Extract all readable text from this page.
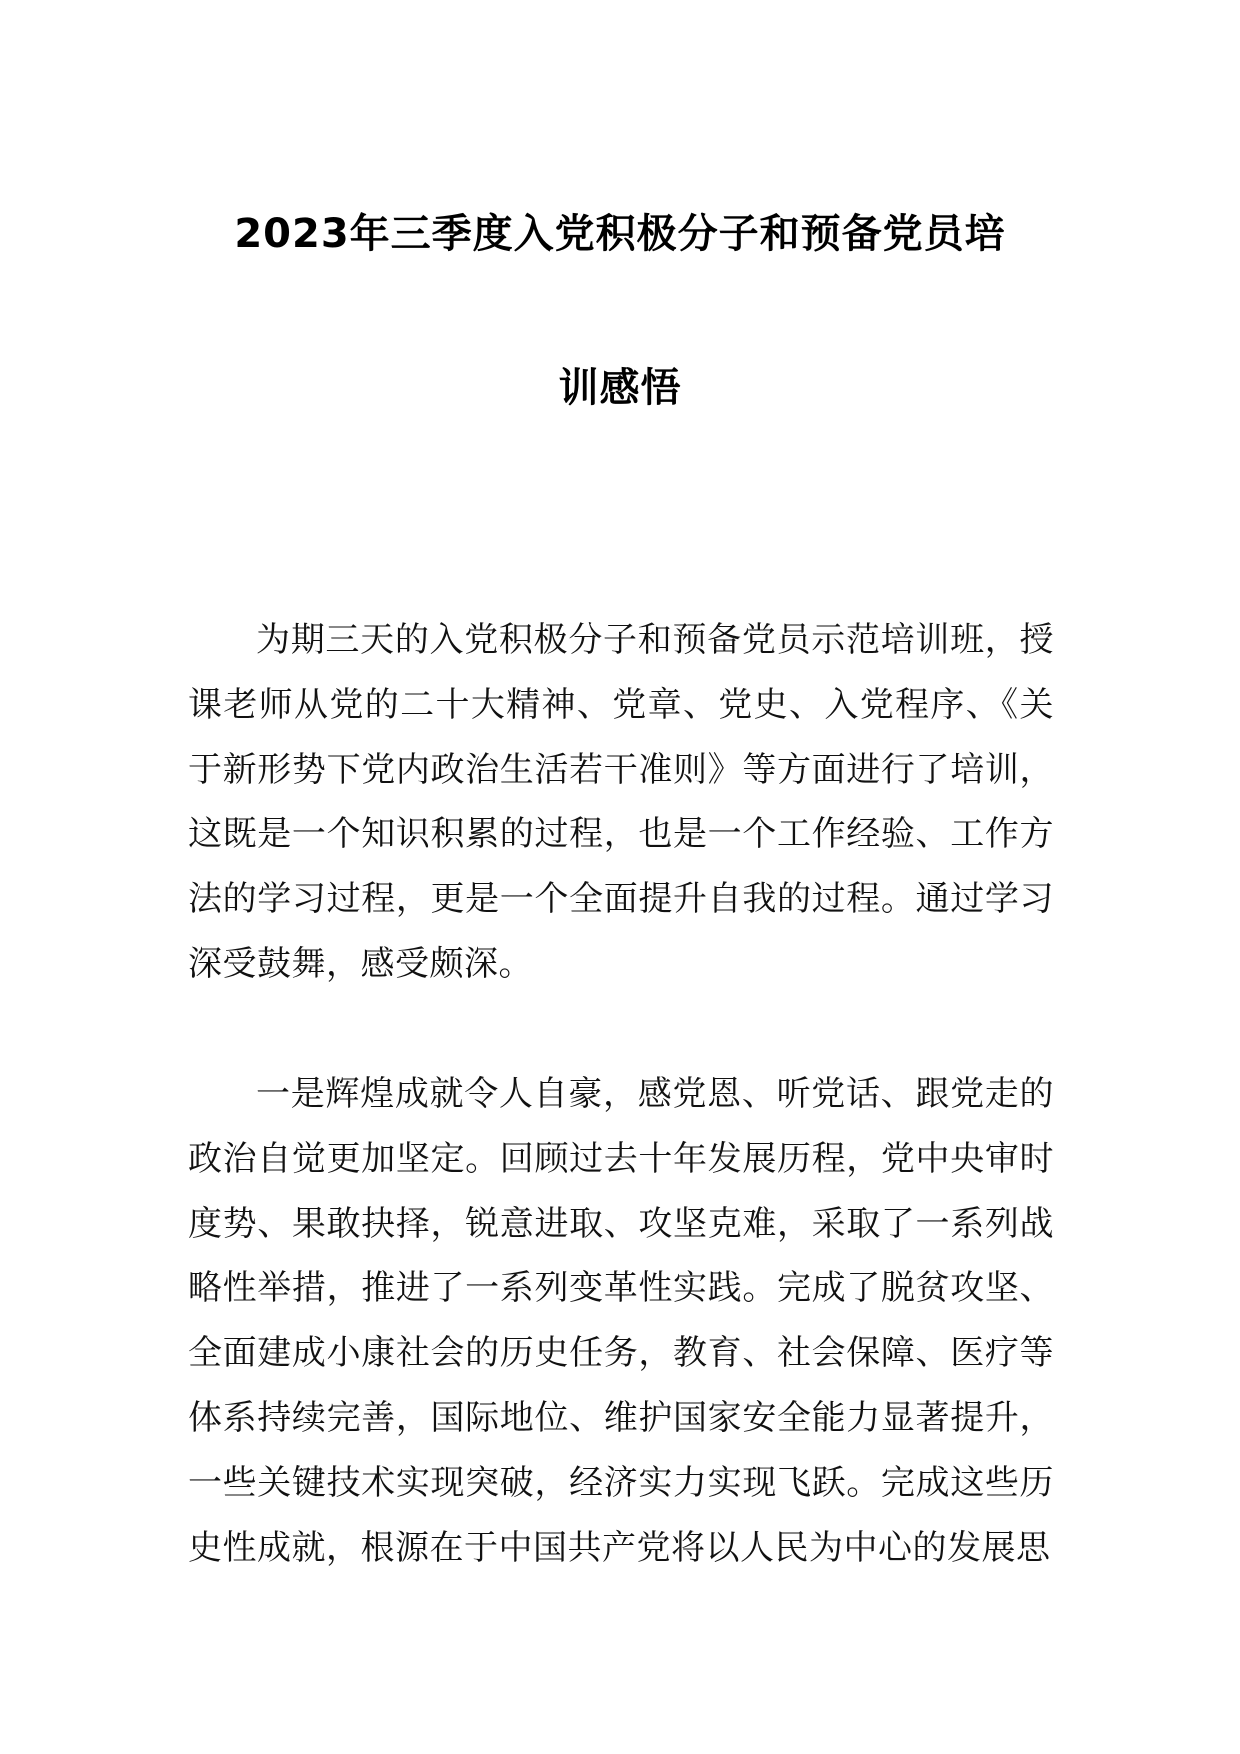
2023年三季度入党积极分子和预备党员培
训感悟

为期三天的入党积极分子和预备党员示范培训班，授课老师从党的二十大精神、党章、党史、入党程序、《关于新形势下党内政治生活若干准则》等方面进行了培训，这既是一个知识积累的过程，也是一个工作经验、工作方法的学习过程，更是一个全面提升自我的过程。通过学习深受鼓舞，感受颇深。

一是辉煌成就令人自豪，感党恩、听党话、跟党走的政治自觉更加坚定。回顾过去十年发展历程，党中央审时度势、果敢抉择，锐意进取、攻坚克难，采取了一系列战略性举措，推进了一系列变革性实践。完成了脱贫攻坚、全面建成小康社会的历史任务，教育、社会保障、医疗等体系持续完善，国际地位、维护国家安全能力显著提升，一些关键技术实现突破，经济实力实现飞跃。完成这些历史性成就，根源在于中国共产党将以人民为中心的发展思
